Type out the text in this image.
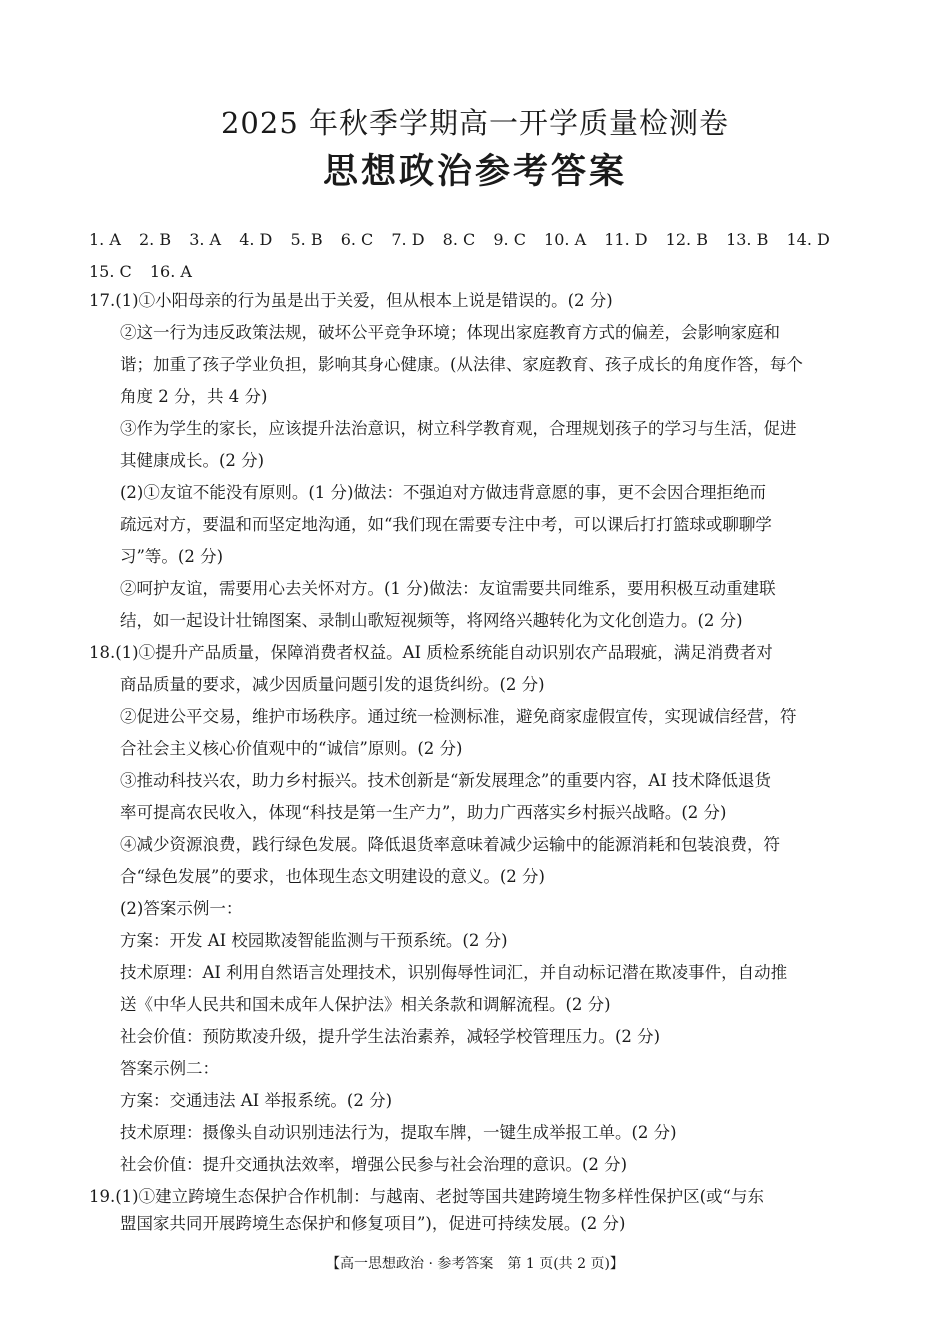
2025 年秋季学期高一开学质量检测卷
思想政治参考答案
1. A 2. B 3. A 4. D 5. B 6. C 7. D 8. C 9. C 10. A 11. D 12. B 13. B 14. D
15. C 16. A
17.(1)①小阳母亲的行为虽是出于关爱，但从根本上说是错误的。(2 分)
②这一行为违反政策法规，破坏公平竞争环境；体现出家庭教育方式的偏差，会影响家庭和
谐；加重了孩子学业负担，影响其身心健康。(从法律、家庭教育、孩子成长的角度作答，每个
角度 2 分，共 4 分)
③作为学生的家长，应该提升法治意识，树立科学教育观，合理规划孩子的学习与生活，促进
其健康成长。(2 分)
(2)①友谊不能没有原则。(1 分)做法：不强迫对方做违背意愿的事，更不会因合理拒绝而
疏远对方，要温和而坚定地沟通，如“我们现在需要专注中考，可以课后打打篮球或聊聊学
习”等。(2 分)
②呵护友谊，需要用心去关怀对方。(1 分)做法：友谊需要共同维系，要用积极互动重建联
结，如一起设计壮锦图案、录制山歌短视频等，将网络兴趣转化为文化创造力。(2 分)
18.(1)①提升产品质量，保障消费者权益。AI 质检系统能自动识别农产品瑕疵，满足消费者对
商品质量的要求，减少因质量问题引发的退货纠纷。(2 分)
②促进公平交易，维护市场秩序。通过统一检测标准，避免商家虚假宣传，实现诚信经营，符
合社会主义核心价值观中的“诚信”原则。(2 分)
③推动科技兴农，助力乡村振兴。技术创新是“新发展理念”的重要内容，AI 技术降低退货
率可提高农民收入，体现“科技是第一生产力”，助力广西落实乡村振兴战略。(2 分)
④减少资源浪费，践行绿色发展。降低退货率意味着减少运输中的能源消耗和包装浪费，符
合“绿色发展”的要求，也体现生态文明建设的意义。(2 分)
(2)答案示例一：
方案：开发 AI 校园欺凌智能监测与干预系统。(2 分)
技术原理：AI 利用自然语言处理技术，识别侮辱性词汇，并自动标记潜在欺凌事件，自动推
送《中华人民共和国未成年人保护法》相关条款和调解流程。(2 分)
社会价值：预防欺凌升级，提升学生法治素养，减轻学校管理压力。(2 分)
答案示例二：
方案：交通违法 AI 举报系统。(2 分)
技术原理：摄像头自动识别违法行为，提取车牌，一键生成举报工单。(2 分)
社会价值：提升交通执法效率，增强公民参与社会治理的意识。(2 分)
19.(1)①建立跨境生态保护合作机制：与越南、老挝等国共建跨境生物多样性保护区(或“与东
盟国家共同开展跨境生态保护和修复项目”)，促进可持续发展。(2 分)
【高一思想政治 · 参考答案　第 1 页(共 2 页)】
